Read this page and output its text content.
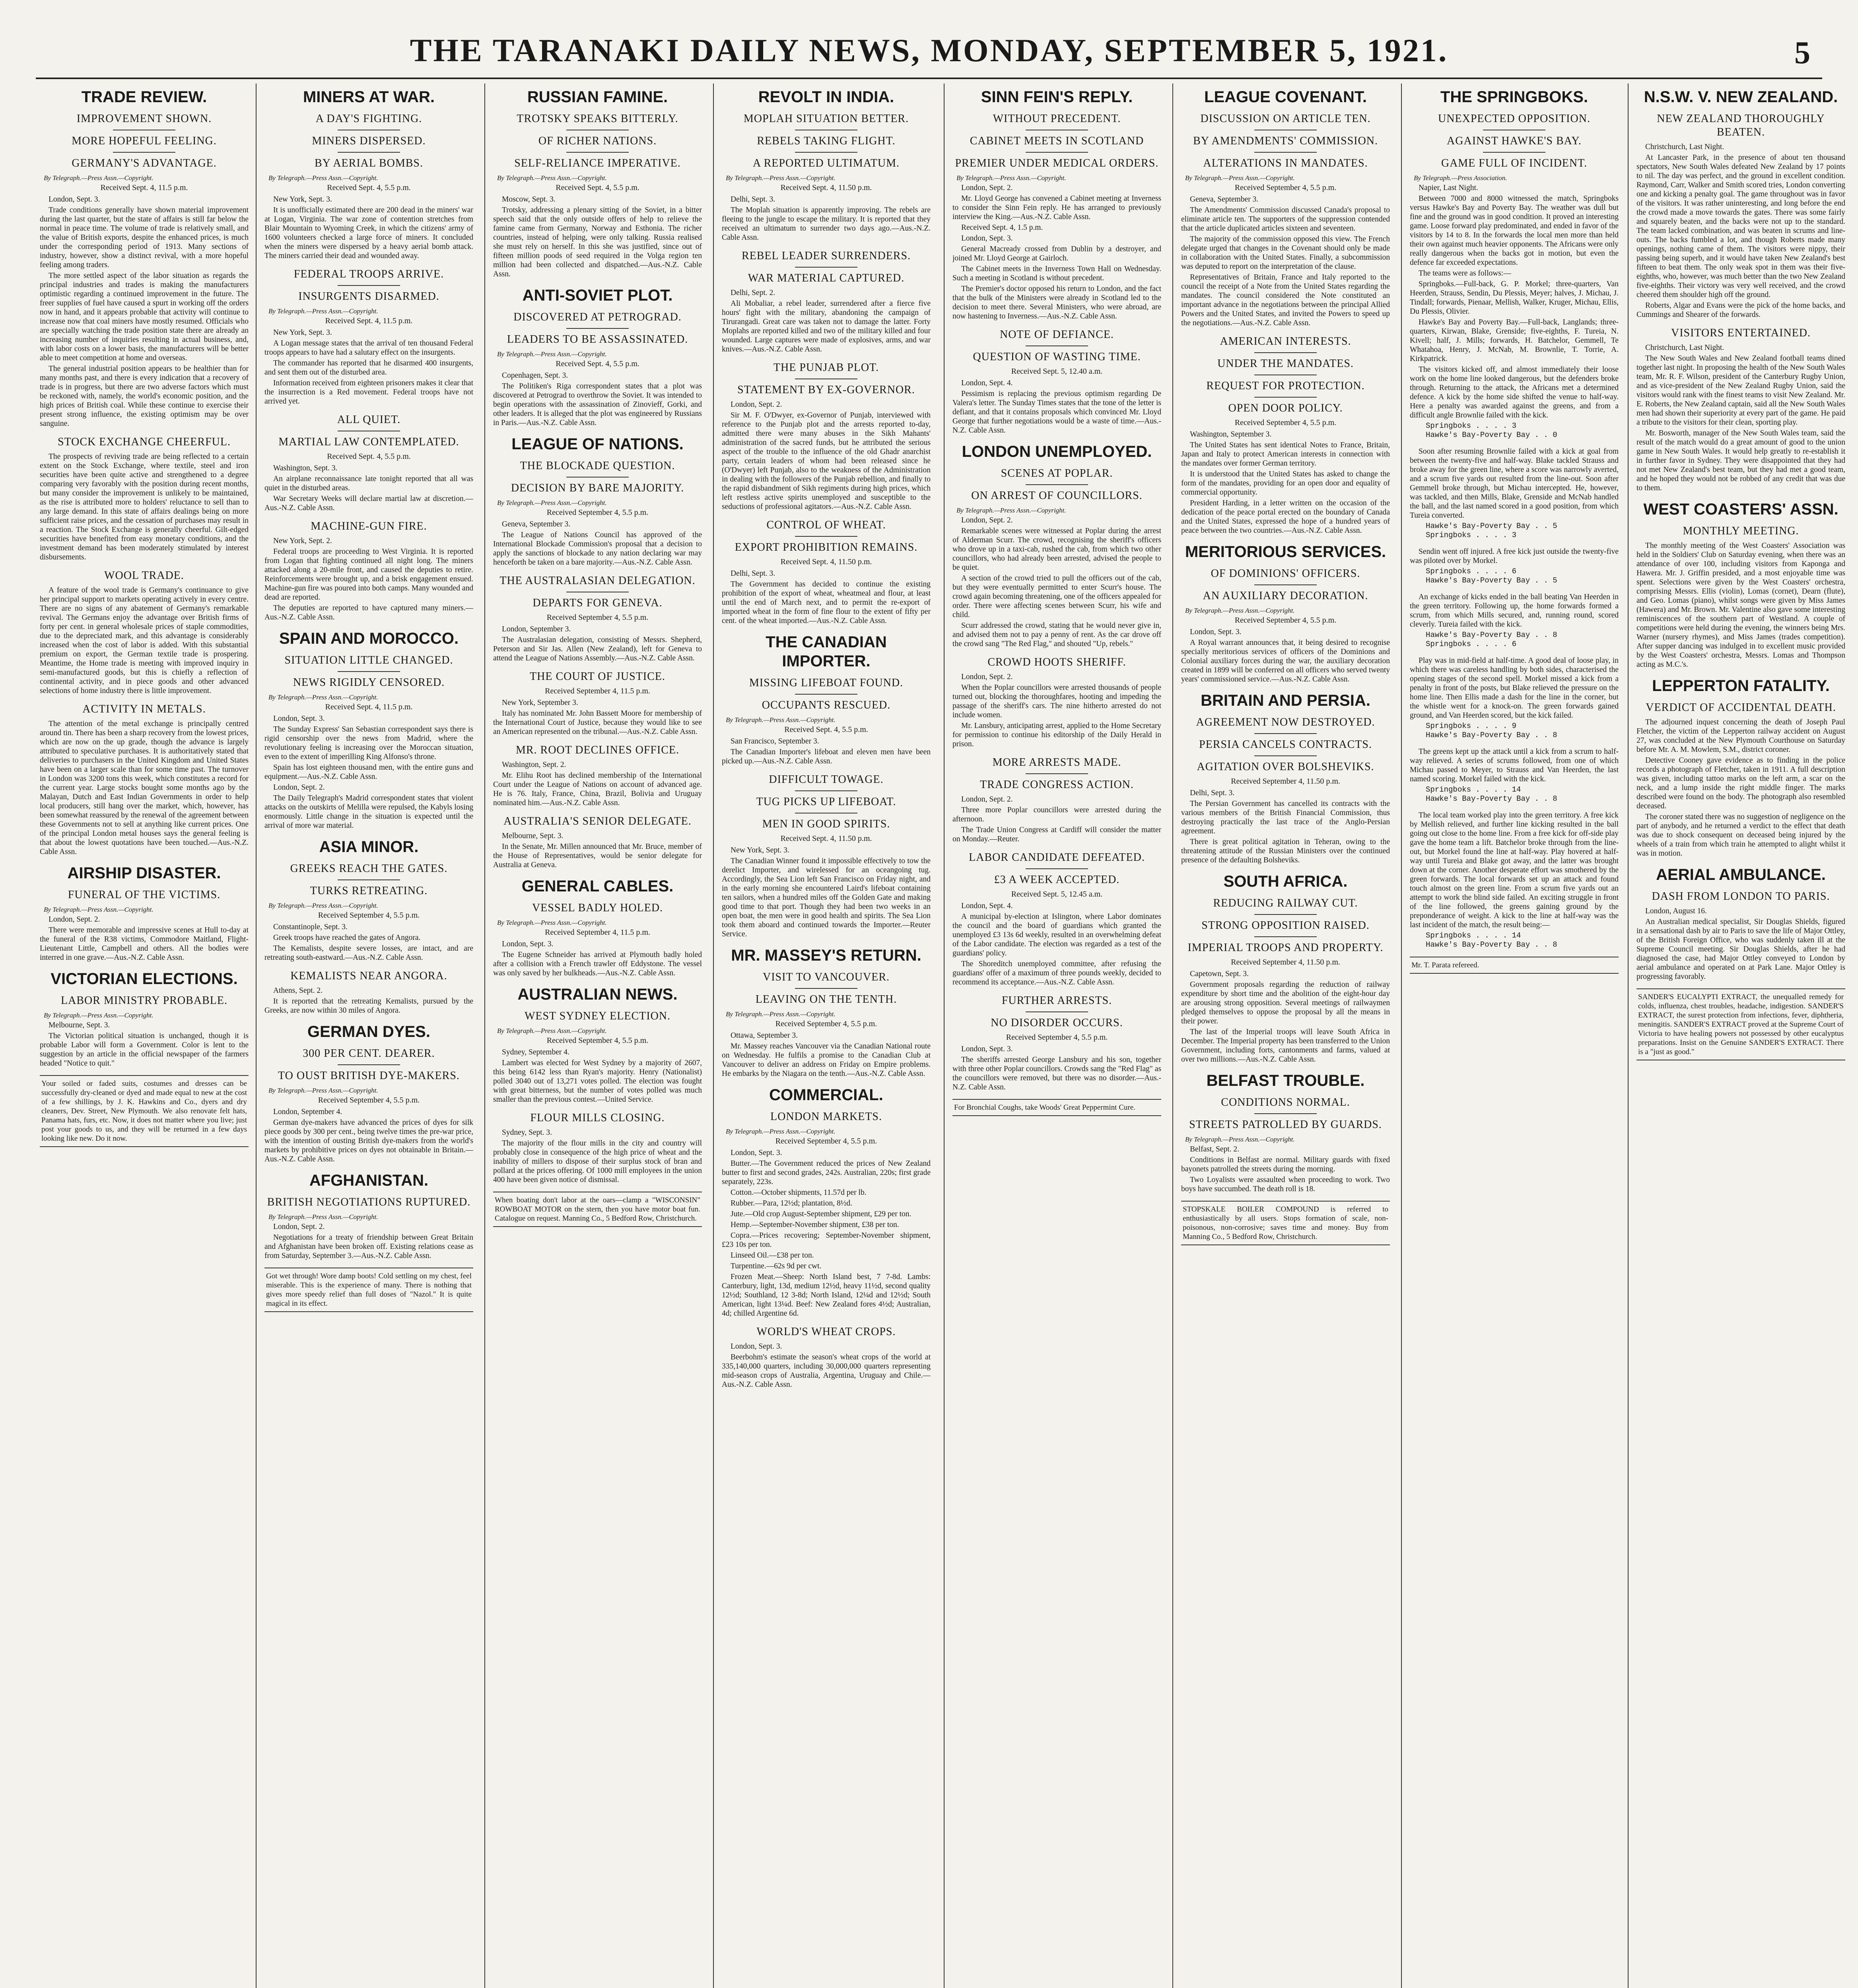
THE TARANAKI DAILY NEWS, MONDAY, SEPTEMBER 5, 1921.	5
TRADE REVIEW.
IMPROVEMENT SHOWN.
MORE HOPEFUL FEELING.
GERMANY'S ADVANTAGE.
By Telegraph.—Press Assn.—Copyright.
Received Sept. 4, 11.5 p.m.

London, Sept. 3.

Trade conditions generally have shown material improvement during the last quarter, but the state of affairs is still far below the normal in peace time. The volume of trade is relatively small, and the value of British exports, despite the enhanced prices, is much under the corresponding period of 1913. Many sections of industry, however, show a distinct revival, with a more hopeful feeling among traders.

The more settled aspect of the labor situation as regards the principal industries and trades is making the manufacturers optimistic regarding a continued improvement in the future. The freer supplies of fuel have caused a spurt in working off the orders now in hand, and it appears probable that activity will continue to increase now that coal miners have mostly resumed. Officials who are specially watching the trade position state there are already an increasing number of inquiries resulting in actual business, and, with labor costs on a lower basis, the manufacturers will be better able to meet competition at home and overseas.

The general industrial position appears to be healthier than for many months past, and there is every indication that a recovery of trade is in progress, but there are two adverse factors which must be reckoned with, namely, the world's economic position, and the high prices of British coal. While these continue to exercise their present strong influence, the existing optimism may be over sanguine.

STOCK EXCHANGE CHEERFUL.

The prospects of reviving trade are being reflected to a certain extent on the Stock Exchange, where textile, steel and iron securities have been quite active and strengthened to a degree comparing very favorably with the position during recent months, but many consider the improvement is unlikely to be maintained, as the rise is attributed more to holders' reluctance to sell than to any large demand. In this state of affairs dealings being on more sufficient raise prices, and the cessation of purchases may result in a reaction. The Stock Exchange is generally cheerful. Gilt-edged securities have benefited from easy monetary conditions, and the investment demand has been moderately stimulated by interest disbursements.

WOOL TRADE.

A feature of the wool trade is Germany's continuance to give her principal support to markets operating actively in every centre. There are no signs of any abatement of Germany's remarkable revival. The Germans enjoy the advantage over British firms of forty per cent. in general wholesale prices of staple commodities, due to the depreciated mark, and this advantage is considerably increased when the cost of labor is added. With this substantial premium on export, the German textile trade is prospering. Meantime, the Home trade is meeting with improved inquiry in semi-manufactured goods, but this is chiefly a reflection of continental activity, and in piece goods and other advanced selections of home industry there is little improvement.

ACTIVITY IN METALS.

The attention of the metal exchange is principally centred around tin. There has been a sharp recovery from the lowest prices, which are now on the up grade, though the advance is largely attributed to speculative purchases. It is authoritatively stated that deliveries to purchasers in the United Kingdom and United States have been on a larger scale than for some time past. The turnover in London was 3200 tons this week, which constitutes a record for the current year. Large stocks bought some months ago by the Malayan, Dutch and East Indian Governments in order to help local producers, still hang over the market, which, however, has been somewhat reassured by the renewal of the agreement between these Governments not to sell at anything like current prices. One of the principal London metal houses says the general feeling is that about the lowest quotations have been touched.—Aus.-N.Z. Cable Assn.

AIRSHIP DISASTER.
FUNERAL OF THE VICTIMS.
By Telegraph.—Press Assn.—Copyright.

London, Sept. 2.

There were memorable and impressive scenes at Hull to-day at the funeral of the R38 victims, Commodore Maitland, Flight-Lieutenant Little, Campbell and others. All the bodies were interred in one grave.—Aus.-N.Z. Cable Assn.

VICTORIAN ELECTIONS.
LABOR MINISTRY PROBABLE.
By Telegraph.—Press Assn.—Copyright.

Melbourne, Sept. 3.

The Victorian political situation is unchanged, though it is probable Labor will form a Government. Color is lent to the suggestion by an article in the official newspaper of the farmers headed "Notice to quit."

Your soiled or faded suits, costumes and dresses can be successfully dry-cleaned or dyed and made equal to new at the cost of a few shillings, by J. K. Hawkins and Co., dyers and dry cleaners, Dev. Street, New Plymouth. We also renovate felt hats, Panama hats, furs, etc. Now, it does not matter where you live; just post your goods to us, and they will be returned in a few days looking like new. Do it now.
MINERS AT WAR.
A DAY'S FIGHTING.
MINERS DISPERSED.
BY AERIAL BOMBS.
By Telegraph.—Press Assn.—Copyright.
Received Sept. 4, 5.5 p.m.

New York, Sept. 3.

It is unofficially estimated there are 200 dead in the miners' war at Logan, Virginia. The war zone of contention stretches from Blair Mountain to Wyoming Creek, in which the citizens' army of 1600 volunteers checked a large force of miners. It concluded when the miners were dispersed by a heavy aerial bomb attack. The miners carried their dead and wounded away.

FEDERAL TROOPS ARRIVE.
INSURGENTS DISARMED.
By Telegraph.—Press Assn.—Copyright.
Received Sept. 4, 11.5 p.m.

New York, Sept. 3.

A Logan message states that the arrival of ten thousand Federal troops appears to have had a salutary effect on the insurgents.

The commander has reported that he disarmed 400 insurgents, and sent them out of the disturbed area.

Information received from eighteen prisoners makes it clear that the insurrection is a Red movement. Federal troops have not arrived yet.

ALL QUIET.
MARTIAL LAW CONTEMPLATED.
Received Sept. 4, 5.5 p.m.

Washington, Sept. 3.

An airplane reconnaissance late tonight reported that all was quiet in the disturbed areas.

War Secretary Weeks will declare martial law at discretion.—Aus.-N.Z. Cable Assn.

MACHINE-GUN FIRE.

New York, Sept. 2.

Federal troops are proceeding to West Virginia. It is reported from Logan that fighting continued all night long. The miners attacked along a 20-mile front, and caused the deputies to retire. Reinforcements were brought up, and a brisk engagement ensued. Machine-gun fire was poured into both camps. Many wounded and dead are reported.

The deputies are reported to have captured many miners.—Aus.-N.Z. Cable Assn.

SPAIN AND MOROCCO.
SITUATION LITTLE CHANGED.
NEWS RIGIDLY CENSORED.
By Telegraph.—Press Assn.—Copyright.
Received Sept. 4, 11.5 p.m.

London, Sept. 3.

The Sunday Express' San Sebastian correspondent says there is rigid censorship over the news from Madrid, where the revolutionary feeling is increasing over the Moroccan situation, even to the extent of imperilling King Alfonso's throne.

Spain has lost eighteen thousand men, with the entire guns and equipment.—Aus.-N.Z. Cable Assn.

London, Sept. 2.

The Daily Telegraph's Madrid correspondent states that violent attacks on the outskirts of Melilla were repulsed, the Kabyls losing enormously. Little change in the situation is expected until the arrival of more war material.

ASIA MINOR.
GREEKS REACH THE GATES.
TURKS RETREATING.
By Telegraph.—Press Assn.—Copyright.
Received September 4, 5.5 p.m.

Constantinople, Sept. 3.

Greek troops have reached the gates of Angora.

The Kemalists, despite severe losses, are intact, and are retreating south-eastward.—Aus.-N.Z. Cable Assn.

KEMALISTS NEAR ANGORA.

Athens, Sept. 2.

It is reported that the retreating Kemalists, pursued by the Greeks, are now within 30 miles of Angora.

GERMAN DYES.
300 PER CENT. DEARER.
TO OUST BRITISH DYE-MAKERS.
By Telegraph.—Press Assn.—Copyright.
Received September 4, 5.5 p.m.

London, September 4.

German dye-makers have advanced the prices of dyes for silk piece goods by 300 per cent., being twelve times the pre-war price, with the intention of ousting British dye-makers from the world's markets by prohibitive prices on dyes not obtainable in Britain.—Aus.-N.Z. Cable Assn.

AFGHANISTAN.
BRITISH NEGOTIATIONS RUPTURED.
By Telegraph.—Press Assn.—Copyright.

London, Sept. 2.

Negotiations for a treaty of friendship between Great Britain and Afghanistan have been broken off. Existing relations cease as from Saturday, September 3.—Aus.-N.Z. Cable Assn.

Got wet through! Wore damp boots! Cold settling on my chest, feel miserable. This is the experience of many. There is nothing that gives more speedy relief than full doses of "Nazol." It is quite magical in its effect.
RUSSIAN FAMINE.
TROTSKY SPEAKS BITTERLY.
OF RICHER NATIONS.
SELF-RELIANCE IMPERATIVE.
By Telegraph.—Press Assn.—Copyright.
Received Sept. 4, 5.5 p.m.

Moscow, Sept. 3.

Trotsky, addressing a plenary sitting of the Soviet, in a bitter speech said that the only outside offers of help to relieve the famine came from Germany, Norway and Esthonia. The richer countries, instead of helping, were only talking. Russia realised she must rely on herself. In this she was justified, since out of fifteen million poods of seed required in the Volga region ten million had been collected and dispatched.—Aus.-N.Z. Cable Assn.

ANTI-SOVIET PLOT.
DISCOVERED AT PETROGRAD.
LEADERS TO BE ASSASSINATED.
By Telegraph.—Press Assn.—Copyright.
Received Sept. 4, 5.5 p.m.

Copenhagen, Sept. 3.

The Politiken's Riga correspondent states that a plot was discovered at Petrograd to overthrow the Soviet. It was intended to begin operations with the assassination of Zinovieff, Gorki, and other leaders. It is alleged that the plot was engineered by Russians in Paris.—Aus.-N.Z. Cable Assn.

LEAGUE OF NATIONS.
THE BLOCKADE QUESTION.
DECISION BY BARE MAJORITY.
By Telegraph.—Press Assn.—Copyright.
Received September 4, 5.5 p.m.

Geneva, September 3.

The League of Nations Council has approved of the International Blockade Commission's proposal that a decision to apply the sanctions of blockade to any nation declaring war may henceforth be taken on a bare majority.—Aus.-N.Z. Cable Assn.

THE AUSTRALASIAN DELEGATION.
DEPARTS FOR GENEVA.
Received September 4, 5.5 p.m.

London, September 3.

The Australasian delegation, consisting of Messrs. Shepherd, Peterson and Sir Jas. Allen (New Zealand), left for Geneva to attend the League of Nations Assembly.—Aus.-N.Z. Cable Assn.

THE COURT OF JUSTICE.
Received September 4, 11.5 p.m.

New York, September 3.

Italy has nominated Mr. John Bassett Moore for membership of the International Court of Justice, because they would like to see an American represented on the tribunal.—Aus.-N.Z. Cable Assn.

MR. ROOT DECLINES OFFICE.

Washington, Sept. 2.

Mr. Elihu Root has declined membership of the International Court under the League of Nations on account of advanced age. He is 76. Italy, France, China, Brazil, Bolivia and Uruguay nominated him.—Aus.-N.Z. Cable Assn.

AUSTRALIA'S SENIOR DELEGATE.

Melbourne, Sept. 3.

In the Senate, Mr. Millen announced that Mr. Bruce, member of the House of Representatives, would be senior delegate for Australia at Geneva.

GENERAL CABLES.
VESSEL BADLY HOLED.
By Telegraph.—Press Assn.—Copyright.
Received September 4, 11.5 p.m.

London, Sept. 3.

The Eugene Schneider has arrived at Plymouth badly holed after a collision with a French trawler off Eddystone. The vessel was only saved by her bulkheads.—Aus.-N.Z. Cable Assn.

AUSTRALIAN NEWS.
WEST SYDNEY ELECTION.
By Telegraph.—Press Assn.—Copyright.
Received September 4, 5.5 p.m.

Sydney, September 4.

Lambert was elected for West Sydney by a majority of 2607, this being 6142 less than Ryan's majority. Henry (Nationalist) polled 3040 out of 13,271 votes polled. The election was fought with great bitterness, but the number of votes polled was much smaller than the previous contest.—United Service.

FLOUR MILLS CLOSING.

Sydney, Sept. 3.

The majority of the flour mills in the city and country will probably close in consequence of the high price of wheat and the inability of millers to dispose of their surplus stock of bran and pollard at the prices offering. Of 1000 mill employees in the union 400 have been given notice of dismissal.

When boating don't labor at the oars—clamp a "WISCONSIN" ROWBOAT MOTOR on the stern, then you have motor boat fun. Catalogue on request. Manning Co., 5 Bedford Row, Christchurch.
REVOLT IN INDIA.
MOPLAH SITUATION BETTER.
REBELS TAKING FLIGHT.
A REPORTED ULTIMATUM.
By Telegraph.—Press Assn.—Copyright.
Received Sept. 4, 11.50 p.m.

Delhi, Sept. 3.

The Moplah situation is apparently improving. The rebels are fleeing to the jungle to escape the military. It is reported that they received an ultimatum to surrender two days ago.—Aus.-N.Z. Cable Assn.

REBEL LEADER SURRENDERS.
WAR MATERIAL CAPTURED.

Delhi, Sept. 2.

Ali Mobaliar, a rebel leader, surrendered after a fierce five hours' fight with the military, abandoning the campaign of Tirurangadi. Great care was taken not to damage the latter. Forty Moplahs are reported killed and two of the military killed and four wounded. Large captures were made of explosives, arms, and war knives.—Aus.-N.Z. Cable Assn.

THE PUNJAB PLOT.
STATEMENT BY EX-GOVERNOR.

London, Sept. 2.

Sir M. F. O'Dwyer, ex-Governor of Punjab, interviewed with reference to the Punjab plot and the arrests reported to-day, admitted there were many abuses in the Sikh Mahants' administration of the sacred funds, but he attributed the serious aspect of the trouble to the influence of the old Ghadr anarchist party, certain leaders of whom had been released since he (O'Dwyer) left Punjab, also to the weakness of the Administration in dealing with the followers of the Punjab rebellion, and finally to the rapid disbandment of Sikh regiments during high prices, which left restless active spirits unemployed and susceptible to the seductions of professional agitators.—Aus.-N.Z. Cable Assn.

CONTROL OF WHEAT.
EXPORT PROHIBITION REMAINS.
Received Sept. 4, 11.50 p.m.

Delhi, Sept. 3.

The Government has decided to continue the existing prohibition of the export of wheat, wheatmeal and flour, at least until the end of March next, and to permit the re-export of imported wheat in the form of fine flour to the extent of fifty per cent. of the wheat imported.—Aus.-N.Z. Cable Assn.

THE CANADIAN IMPORTER.
MISSING LIFEBOAT FOUND.
OCCUPANTS RESCUED.
By Telegraph.—Press Assn.—Copyright.
Received Sept. 4, 5.5 p.m.

San Francisco, September 3.

The Canadian Importer's lifeboat and eleven men have been picked up.—Aus.-N.Z. Cable Assn.

DIFFICULT TOWAGE.
TUG PICKS UP LIFEBOAT.
MEN IN GOOD SPIRITS.
Received Sept. 4, 11.50 p.m.

New York, Sept. 3.

The Canadian Winner found it impossible effectively to tow the derelict Importer, and wirelessed for an oceangoing tug. Accordingly, the Sea Lion left San Francisco on Friday night, and in the early morning she encountered Laird's lifeboat containing ten sailors, when a hundred miles off the Golden Gate and making good time to that port. Though they had been two weeks in an open boat, the men were in good health and spirits. The Sea Lion took them aboard and continued towards the Importer.—Reuter Service.

MR. MASSEY'S RETURN.
VISIT TO VANCOUVER.
LEAVING ON THE TENTH.
By Telegraph.—Press Assn.—Copyright.
Received September 4, 5.5 p.m.

Ottawa, September 3.

Mr. Massey reaches Vancouver via the Canadian National route on Wednesday. He fulfils a promise to the Canadian Club at Vancouver to deliver an address on Friday on Empire problems. He embarks by the Niagara on the tenth.—Aus.-N.Z. Cable Assn.

COMMERCIAL.
LONDON MARKETS.
By Telegraph.—Press Assn.—Copyright.
Received September 4, 5.5 p.m.

London, Sept. 3.

Butter.—The Government reduced the prices of New Zealand butter to first and second grades, 242s. Australian, 220s; first grade separately, 223s.

Cotton.—October shipments, 11.57d per lb.

Rubber.—Para, 12½d; plantation, 8½d.

Jute.—Old crop August-September shipment, £29 per ton.

Hemp.—September-November shipment, £38 per ton.

Copra.—Prices recovering; September-November shipment, £23 10s per ton.

Linseed Oil.—£38 per ton.

Turpentine.—62s 9d per cwt.

Frozen Meat.—Sheep: North Island best, 7 7-8d. Lambs: Canterbury, light, 13d, medium 12½d, heavy 11½d, second quality 12½d; Southland, 12 3-8d; North Island, 12¼d and 12½d; South American, light 13¼d. Beef: New Zealand fores 4½d; Australian, 4d; chilled Argentine 6d.

WORLD'S WHEAT CROPS.

London, Sept. 3.

Beerbohm's estimate the season's wheat crops of the world at 335,140,000 quarters, including 30,000,000 quarters representing mid-season crops of Australia, Argentina, Uruguay and Chile.—Aus.-N.Z. Cable Assn.

SINN FEIN'S REPLY.
WITHOUT PRECEDENT.
CABINET MEETS IN SCOTLAND
PREMIER UNDER MEDICAL ORDERS.
By Telegraph.—Press Assn.—Copyright.

London, Sept. 2.

Mr. Lloyd George has convened a Cabinet meeting at Inverness to consider the Sinn Fein reply. He has arranged to previously interview the King.—Aus.-N.Z. Cable Assn.

Received Sept. 4, 1.5 p.m.

London, Sept. 3.

General Macready crossed from Dublin by a destroyer, and joined Mr. Lloyd George at Gairloch.

The Cabinet meets in the Inverness Town Hall on Wednesday. Such a meeting in Scotland is without precedent.

The Premier's doctor opposed his return to London, and the fact that the bulk of the Ministers were already in Scotland led to the decision to meet there. Several Ministers, who were abroad, are now hastening to Inverness.—Aus.-N.Z. Cable Assn.

NOTE OF DEFIANCE.
QUESTION OF WASTING TIME.
Received Sept. 5, 12.40 a.m.

London, Sept. 4.

Pessimism is replacing the previous optimism regarding De Valera's letter. The Sunday Times states that the tone of the letter is defiant, and that it contains proposals which convinced Mr. Lloyd George that further negotiations would be a waste of time.—Aus.-N.Z. Cable Assn.

LONDON UNEMPLOYED.
SCENES AT POPLAR.
ON ARREST OF COUNCILLORS.
By Telegraph.—Press Assn.—Copyright.

London, Sept. 2.

Remarkable scenes were witnessed at Poplar during the arrest of Alderman Scurr. The crowd, recognising the sheriff's officers who drove up in a taxi-cab, rushed the cab, from which two other councillors, who had already been arrested, advised the people to be quiet.

A section of the crowd tried to pull the officers out of the cab, but they were eventually permitted to enter Scurr's house. The crowd again becoming threatening, one of the officers appealed for order. There were affecting scenes between Scurr, his wife and child.

Scurr addressed the crowd, stating that he would never give in, and advised them not to pay a penny of rent. As the car drove off the crowd sang "The Red Flag," and shouted "Up, rebels."

CROWD HOOTS SHERIFF.

London, Sept. 2.

When the Poplar councillors were arrested thousands of people turned out, blocking the thoroughfares, hooting and impeding the passage of the sheriff's cars. The nine hitherto arrested do not include women.

Mr. Lansbury, anticipating arrest, applied to the Home Secretary for permission to continue his editorship of the Daily Herald in prison.

MORE ARRESTS MADE.
TRADE CONGRESS ACTION.

London, Sept. 2.

Three more Poplar councillors were arrested during the afternoon.

The Trade Union Congress at Cardiff will consider the matter on Monday.—Reuter.

LABOR CANDIDATE DEFEATED.
£3 A WEEK ACCEPTED.
Received Sept. 5, 12.45 a.m.

London, Sept. 4.

A municipal by-election at Islington, where Labor dominates the council and the board of guardians which granted the unemployed £3 13s 6d weekly, resulted in an overwhelming defeat of the Labor candidate. The election was regarded as a test of the guardians' policy.

The Shoreditch unemployed committee, after refusing the guardians' offer of a maximum of three pounds weekly, decided to recommend its acceptance.—Aus.-N.Z. Cable Assn.

FURTHER ARRESTS.
NO DISORDER OCCURS.
Received September 4, 5.5 p.m.

London, Sept. 3.

The sheriffs arrested George Lansbury and his son, together with three other Poplar councillors. Crowds sang the "Red Flag" as the councillors were removed, but there was no disorder.—Aus.-N.Z. Cable Assn.

For Bronchial Coughs, take Woods' Great Peppermint Cure.
LEAGUE COVENANT.
DISCUSSION ON ARTICLE TEN.
BY AMENDMENTS' COMMISSION.
ALTERATIONS IN MANDATES.
By Telegraph.—Press Assn.—Copyright.
Received September 4, 5.5 p.m.

Geneva, September 3.

The Amendments' Commission discussed Canada's proposal to eliminate article ten. The supporters of the suppression contended that the article duplicated articles sixteen and seventeen.

The majority of the commission opposed this view. The French delegate urged that changes in the Covenant should only be made in collaboration with the United States. Finally, a subcommission was deputed to report on the interpretation of the clause.

Representatives of Britain, France and Italy reported to the council the receipt of a Note from the United States regarding the mandates. The council considered the Note constituted an important advance in the negotiations between the principal Allied Powers and the United States, and invited the Powers to speed up the negotiations.—Aus.-N.Z. Cable Assn.

AMERICAN INTERESTS.
UNDER THE MANDATES.
REQUEST FOR PROTECTION.
OPEN DOOR POLICY.
Received September 4, 5.5 p.m.

Washington, September 3.

The United States has sent identical Notes to France, Britain, Japan and Italy to protect American interests in connection with the mandates over former German territory.

It is understood that the United States has asked to change the form of the mandates, providing for an open door and equality of commercial opportunity.

President Harding, in a letter written on the occasion of the dedication of the peace portal erected on the boundary of Canada and the United States, expressed the hope of a hundred years of peace between the two countries.—Aus.-N.Z. Cable Assn.

MERITORIOUS SERVICES.
OF DOMINIONS' OFFICERS.
AN AUXILIARY DECORATION.
By Telegraph.—Press Assn.—Copyright.
Received September 4, 5.5 p.m.

London, Sept. 3.

A Royal warrant announces that, it being desired to recognise specially meritorious services of officers of the Dominions and Colonial auxiliary forces during the war, the auxiliary decoration created in 1899 will be conferred on all officers who served twenty years' commissioned service.—Aus.-N.Z. Cable Assn.

BRITAIN AND PERSIA.
AGREEMENT NOW DESTROYED.
PERSIA CANCELS CONTRACTS.
AGITATION OVER BOLSHEVIKS.
Received September 4, 11.50 p.m.

Delhi, Sept. 3.

The Persian Government has cancelled its contracts with the various members of the British Financial Commission, thus destroying practically the last trace of the Anglo-Persian agreement.

There is great political agitation in Teheran, owing to the threatening attitude of the Russian Ministers over the continued presence of the defaulting Bolsheviks.

SOUTH AFRICA.
REDUCING RAILWAY CUT.
STRONG OPPOSITION RAISED.
IMPERIAL TROOPS AND PROPERTY.
Received September 4, 11.50 p.m.

Capetown, Sept. 3.

Government proposals regarding the reduction of railway expenditure by short time and the abolition of the eight-hour day are arousing strong opposition. Several meetings of railwaymen pledged themselves to oppose the proposal by all the means in their power.

The last of the Imperial troops will leave South Africa in December. The Imperial property has been transferred to the Union Government, including forts, cantonments and farms, valued at over two millions.—Aus.-N.Z. Cable Assn.

BELFAST TROUBLE.
CONDITIONS NORMAL.
STREETS PATROLLED BY GUARDS.
By Telegraph.—Press Assn.—Copyright.

Belfast, Sept. 2.

Conditions in Belfast are normal. Military guards with fixed bayonets patrolled the streets during the morning.

Two Loyalists were assaulted when proceeding to work. Two boys have succumbed. The death roll is 18.

STOPSKALE BOILER COMPOUND is referred to enthusiastically by all users. Stops formation of scale, non-poisonous, non-corrosive; saves time and money. Buy from Manning Co., 5 Bedford Row, Christchurch.
THE SPRINGBOKS.
UNEXPECTED OPPOSITION.
AGAINST HAWKE'S BAY.
GAME FULL OF INCIDENT.
By Telegraph.—Press Association.

Napier, Last Night.

Between 7000 and 8000 witnessed the match, Springboks versus Hawke's Bay and Poverty Bay. The weather was dull but fine and the ground was in good condition. It proved an interesting game. Loose forward play predominated, and ended in favor of the visitors by 14 to 8. In the forwards the local men more than held their own against much heavier opponents. The Africans were only really dangerous when the backs got in motion, but even the defence far exceeded expectations.

The teams were as follows:—

Springboks.—Full-back, G. P. Morkel; three-quarters, Van Heerden, Strauss, Sendin, Du Plessis, Meyer; halves, J. Michau, J. Tindall; forwards, Pienaar, Mellish, Walker, Kruger, Michau, Ellis, Du Plessis, Olivier.

Hawke's Bay and Poverty Bay.—Full-back, Langlands; three-quarters, Kirwan, Blake, Grenside; five-eighths, F. Tureia, N. Kivell; half, J. Mills; forwards, H. Batchelor, Gemmell, Te Whatahoa, Henry, J. McNab, M. Brownlie, T. Torrie, A. Kirkpatrick.

The visitors kicked off, and almost immediately their loose work on the home line looked dangerous, but the defenders broke through. Returning to the attack, the Africans met a determined defence. A kick by the home side shifted the venue to half-way. Here a penalty was awarded against the greens, and from a difficult angle Brownlie failed with the kick.

Springboks . . . . 3
Hawke's Bay-Poverty Bay . . 0

Soon after resuming Brownlie failed with a kick at goal from between the twenty-five and half-way. Blake tackled Strauss and broke away for the green line, where a score was narrowly averted, and a scrum five yards out resulted from the line-out. Soon after Gemmell broke through, but Michau intercepted. He, however, was tackled, and then Mills, Blake, Grenside and McNab handled the ball, and the last named scored in a good position, from which Tureia converted.

Hawke's Bay-Poverty Bay . . 5
Springboks . . . . 3

Sendin went off injured. A free kick just outside the twenty-five was piloted over by Morkel.

Springboks . . . . 6
Hawke's Bay-Poverty Bay . . 5

An exchange of kicks ended in the ball beating Van Heerden in the green territory. Following up, the home forwards formed a scrum, from which Mills secured, and, running round, scored cleverly. Tureia failed with the kick.

Hawke's Bay-Poverty Bay . . 8
Springboks . . . . 6

Play was in mid-field at half-time. A good deal of loose play, in which there was careless handling by both sides, characterised the opening stages of the second spell. Morkel missed a kick from a penalty in front of the posts, but Blake relieved the pressure on the home line. Then Ellis made a dash for the line in the corner, but the whistle went for a knock-on. The green forwards gained ground, and Van Heerden scored, but the kick failed.

Springboks . . . . 9
Hawke's Bay-Poverty Bay . . 8

The greens kept up the attack until a kick from a scrum to half-way relieved. A series of scrums followed, from one of which Michau passed to Meyer, to Strauss and Van Heerden, the last named scoring. Morkel failed with the kick.

Springboks . . . . 14
Hawke's Bay-Poverty Bay . . 8

The local team worked play into the green territory. A free kick by Mellish relieved, and further line kicking resulted in the ball going out close to the home line. From a free kick for off-side play gave the home team a lift. Batchelor broke through from the line-out, but Morkel found the line at half-way. Play hovered at half-way until Tureia and Blake got away, and the latter was brought down at the corner. Another desperate effort was smothered by the green forwards. The local forwards set up an attack and found touch almost on the green line. From a scrum five yards out an attempt to work the blind side failed. An exciting struggle in front of the line followed, the greens gaining ground by the preponderance of weight. A kick to the line at half-way was the last incident of the match, the result being:—

Springboks . . . . 14
Hawke's Bay-Poverty Bay . . 8
Mr. T. Parata refereed.
N.S.W. V. NEW ZEALAND.
NEW ZEALAND THOROUGHLY BEATEN.

Christchurch, Last Night.

At Lancaster Park, in the presence of about ten thousand spectators, New South Wales defeated New Zealand by 17 points to nil. The day was perfect, and the ground in excellent condition. Raymond, Carr, Walker and Smith scored tries, London converting one and kicking a penalty goal. The game throughout was in favor of the visitors. It was rather uninteresting, and long before the end the crowd made a move towards the gates. There was some fairly and squarely beaten, and the backs were not up to the standard. The team lacked combination, and was beaten in scrums and line-outs. The backs fumbled a lot, and though Roberts made many openings, nothing came of them. The visitors were nippy, their passing being superb, and it would have taken New Zealand's best fifteen to beat them. The only weak spot in them was their five-eighths, who, however, was much better than the two New Zealand five-eighths. Their victory was very well received, and the crowd cheered them shoulder high off the ground.

Roberts, Algar and Evans were the pick of the home backs, and Cummings and Shearer of the forwards.

VISITORS ENTERTAINED.

Christchurch, Last Night.

The New South Wales and New Zealand football teams dined together last night. In proposing the health of the New South Wales team, Mr. R. F. Wilson, president of the Canterbury Rugby Union, and as vice-president of the New Zealand Rugby Union, said the visitors would rank with the finest teams to visit New Zealand. Mr. E. Roberts, the New Zealand captain, said all the New South Wales men had shown their superiority at every part of the game. He paid a tribute to the visitors for their clean, sporting play.

Mr. Bosworth, manager of the New South Wales team, said the result of the match would do a great amount of good to the union game in New South Wales. It would help greatly to re-establish it in further favor in Sydney. They were disappointed that they had not met New Zealand's best team, but they had met a good team, and he hoped they would not be robbed of any credit that was due to them.

WEST COASTERS' ASSN.
MONTHLY MEETING.

The monthly meeting of the West Coasters' Association was held in the Soldiers' Club on Saturday evening, when there was an attendance of over 100, including visitors from Kaponga and Hawera. Mr. J. Griffin presided, and a most enjoyable time was spent. Selections were given by the West Coasters' orchestra, comprising Messrs. Ellis (violin), Lomas (cornet), Dearn (flute), and Geo. Lomas (piano), whilst songs were given by Miss James (Hawera) and Mr. Brown. Mr. Valentine also gave some interesting reminiscences of the southern part of Westland. A couple of competitions were held during the evening, the winners being Mrs. Warner (nursery rhymes), and Miss James (trades competition). After supper dancing was indulged in to excellent music provided by the West Coasters' orchestra, Messrs. Lomas and Thompson acting as M.C.'s.

LEPPERTON FATALITY.
VERDICT OF ACCIDENTAL DEATH.

The adjourned inquest concerning the death of Joseph Paul Fletcher, the victim of the Lepperton railway accident on August 27, was concluded at the New Plymouth Courthouse on Saturday before Mr. A. M. Mowlem, S.M., district coroner.

Detective Cooney gave evidence as to finding in the police records a photograph of Fletcher, taken in 1911. A full description was given, including tattoo marks on the left arm, a scar on the neck, and a lump inside the right middle finger. The marks described were found on the body. The photograph also resembled deceased.

The coroner stated there was no suggestion of negligence on the part of anybody, and he returned a verdict to the effect that death was due to shock consequent on deceased being injured by the wheels of a train from which train he attempted to alight whilst it was in motion.

AERIAL AMBULANCE.
DASH FROM LONDON TO PARIS.

London, August 16.

An Australian medical specialist, Sir Douglas Shields, figured in a sensational dash by air to Paris to save the life of Major Ottley, of the British Foreign Office, who was suddenly taken ill at the Supreme Council meeting. Sir Douglas Shields, after he had diagnosed the case, had Major Ottley conveyed to London by aerial ambulance and operated on at Park Lane. Major Ottley is progressing favorably.

SANDER'S EUCALYPTI EXTRACT, the unequalled remedy for colds, influenza, chest troubles, headache, indigestion. SANDER'S EXTRACT, the surest protection from infections, fever, diphtheria, meningitis. SANDER'S EXTRACT proved at the Supreme Court of Victoria to have healing powers not possessed by other eucalyptus preparations. Insist on the Genuine SANDER'S EXTRACT. There is a "just as good."
